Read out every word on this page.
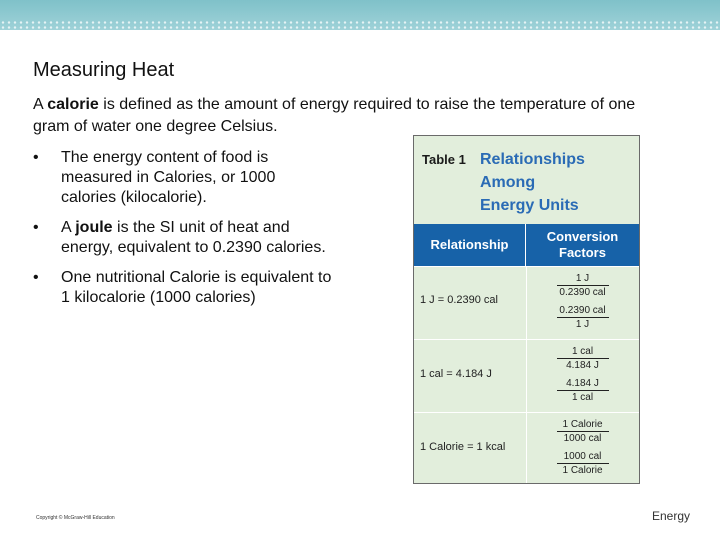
Measuring Heat

A calorie is defined as the amount of energy required to raise the temperature of one gram of water one degree Celsius.

• The energy content of food is measured in Calories, or 1000 calories (kilocalorie).
• A joule is the SI unit of heat and energy, equivalent to 0.2390 calories.
• One nutritional Calorie is equivalent to 1 kilocalorie (1000 calories)
Table 1 Relationships
Among
Energy Units
Relationship
Conversion
Factors
1 J = 0.2390 cal
1 J
0.2390 cal
0.2390 cal
1 J
1 cal = 4.184 J
1 cal
4.184 J
4.184 J
1 cal
1 Calorie = 1 kcal
1 Calorie
1000 cal
1000 cal
1 Calorie
Copyright © McGraw-Hill Education	Energy
